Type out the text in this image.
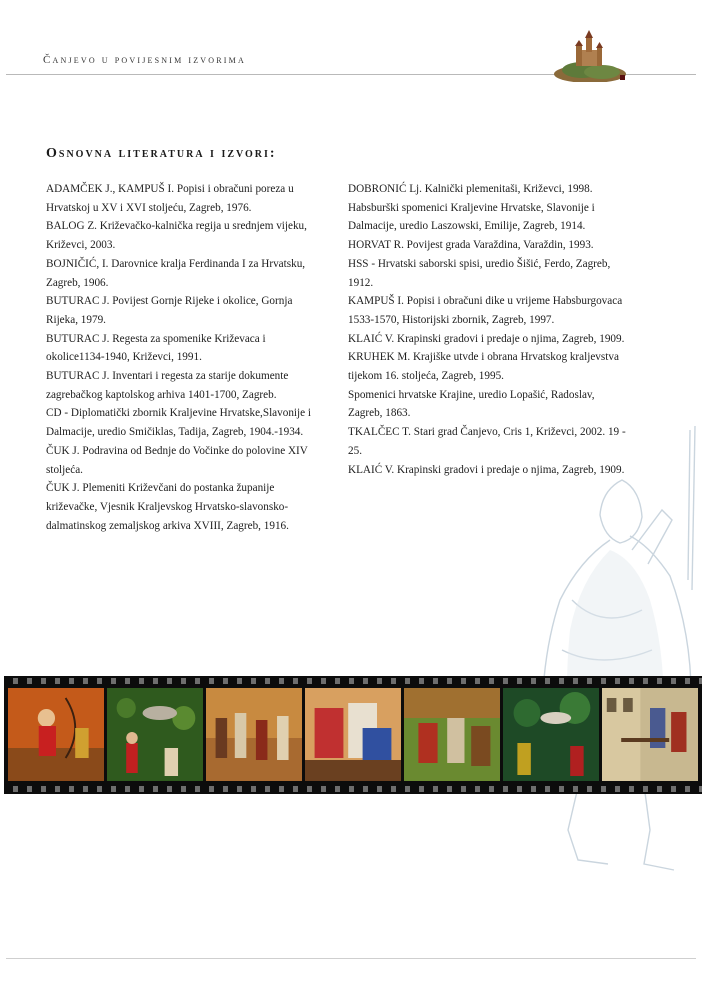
Čanjevo u povijesnim izvorima
Osnovna literatura i izvori:

ADAMČEK J., KAMPUŠ I. Popisi i obračuni poreza u Hrvatskoj u XV i XVI stoljeću, Zagreb, 1976.

BALOG Z. Križevačko-kalnička regija u srednjem vijeku, Križevci, 2003.

BOJNIČIĆ, I. Darovnice kralja Ferdinanda I za Hrvatsku, Zagreb, 1906.

BUTURAC J. Povijest Gornje Rijeke i okolice, Gornja Rijeka, 1979.

BUTURAC J. Regesta za spomenike Križevaca i okolice1134-1940, Križevci, 1991.

BUTURAC J. Inventari i regesta za starije dokumente zagrebačkog kaptolskog arhiva 1401-1700, Zagreb.

CD - Diplomatički zbornik Kraljevine Hrvatske,Slavonije i Dalmacije, uredio Smičiklas, Tadija, Zagreb, 1904.-1934.

ČUK J. Podravina od Bednje do Vočinke do polovine XIV stoljeća.

ČUK J. Plemeniti Križevčani do postanka županije križevačke, Vjesnik Kraljevskog Hrvatsko-slavonsko-dalmatinskog zemaljskog arkiva XVIII, Zagreb, 1916.

DOBRONIĆ Lj. Kalnički plemenitaši, Križevci, 1998.

Habsburški spomenici Kraljevine Hrvatske, Slavonije i Dalmacije, uredio Laszowski, Emilije, Zagreb, 1914.

HORVAT R. Povijest grada Varaždina, Varaždin, 1993.

HSS - Hrvatski saborski spisi, uredio Šišić, Ferdo, Zagreb, 1912.

KAMPUŠ I. Popisi i obračuni dike u vrijeme Habsburgovaca 1533-1570, Historijski zbornik, Zagreb, 1997.

KLAIĆ V. Krapinski gradovi i predaje o njima, Zagreb, 1909.

KRUHEK M. Krajiške utvde i obrana Hrvatskog kraljevstva tijekom 16. stoljeća, Zagreb, 1995.

Spomenici hrvatske Krajine, uredio Lopašić, Radoslav, Zagreb, 1863.

TKALČEC T. Stari grad Čanjevo, Cris 1, Križevci, 2002. 19 - 25.

KLAIĆ V. Krapinski gradovi i predaje o njima, Zagreb, 1909.
